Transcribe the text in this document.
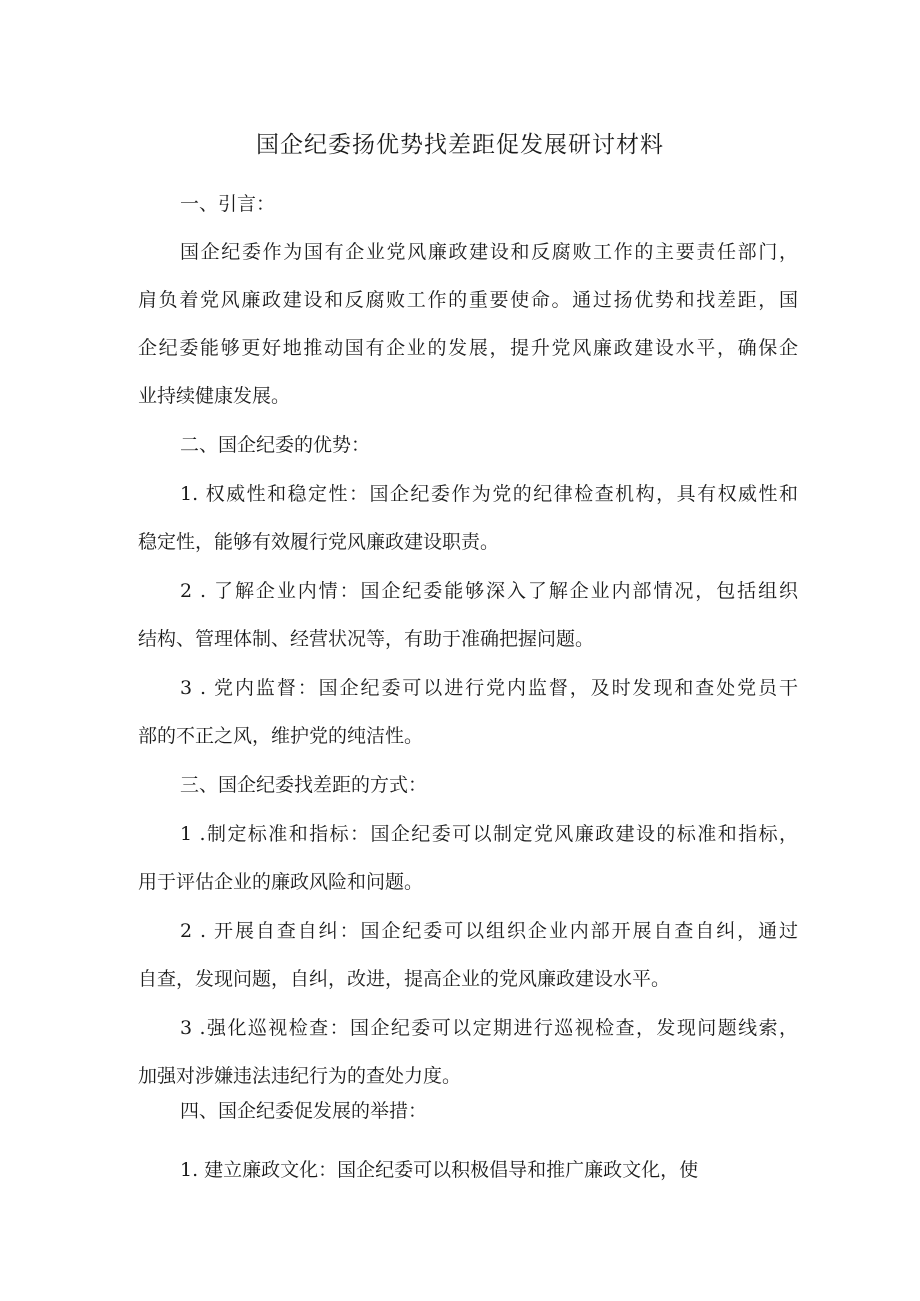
国企纪委扬优势找差距促发展研讨材料
一、引言：
国企纪委作为国有企业党风廉政建设和反腐败工作的主要责任部门，
肩负着党风廉政建设和反腐败工作的重要使命。通过扬优势和找差距，国
企纪委能够更好地推动国有企业的发展，提升党风廉政建设水平，确保企
业持续健康发展。
二、国企纪委的优势：
1. 权威性和稳定性：国企纪委作为党的纪律检查机构，具有权威性和
稳定性，能够有效履行党风廉政建设职责。
2 . 了解企业内情：国企纪委能够深入了解企业内部情况，包括组织
结构、管理体制、经营状况等，有助于准确把握问题。
3 . 党内监督：国企纪委可以进行党内监督，及时发现和查处党员干
部的不正之风，维护党的纯洁性。
三、国企纪委找差距的方式：
1 .制定标准和指标：国企纪委可以制定党风廉政建设的标准和指标，
用于评估企业的廉政风险和问题。
2 . 开展自查自纠：国企纪委可以组织企业内部开展自查自纠，通过
自查，发现问题，自纠，改进，提高企业的党风廉政建设水平。
3 .强化巡视检查：国企纪委可以定期进行巡视检查，发现问题线索，
加强对涉嫌违法违纪行为的查处力度。
四、国企纪委促发展的举措：
1. 建立廉政文化：国企纪委可以积极倡导和推广廉政文化，使
